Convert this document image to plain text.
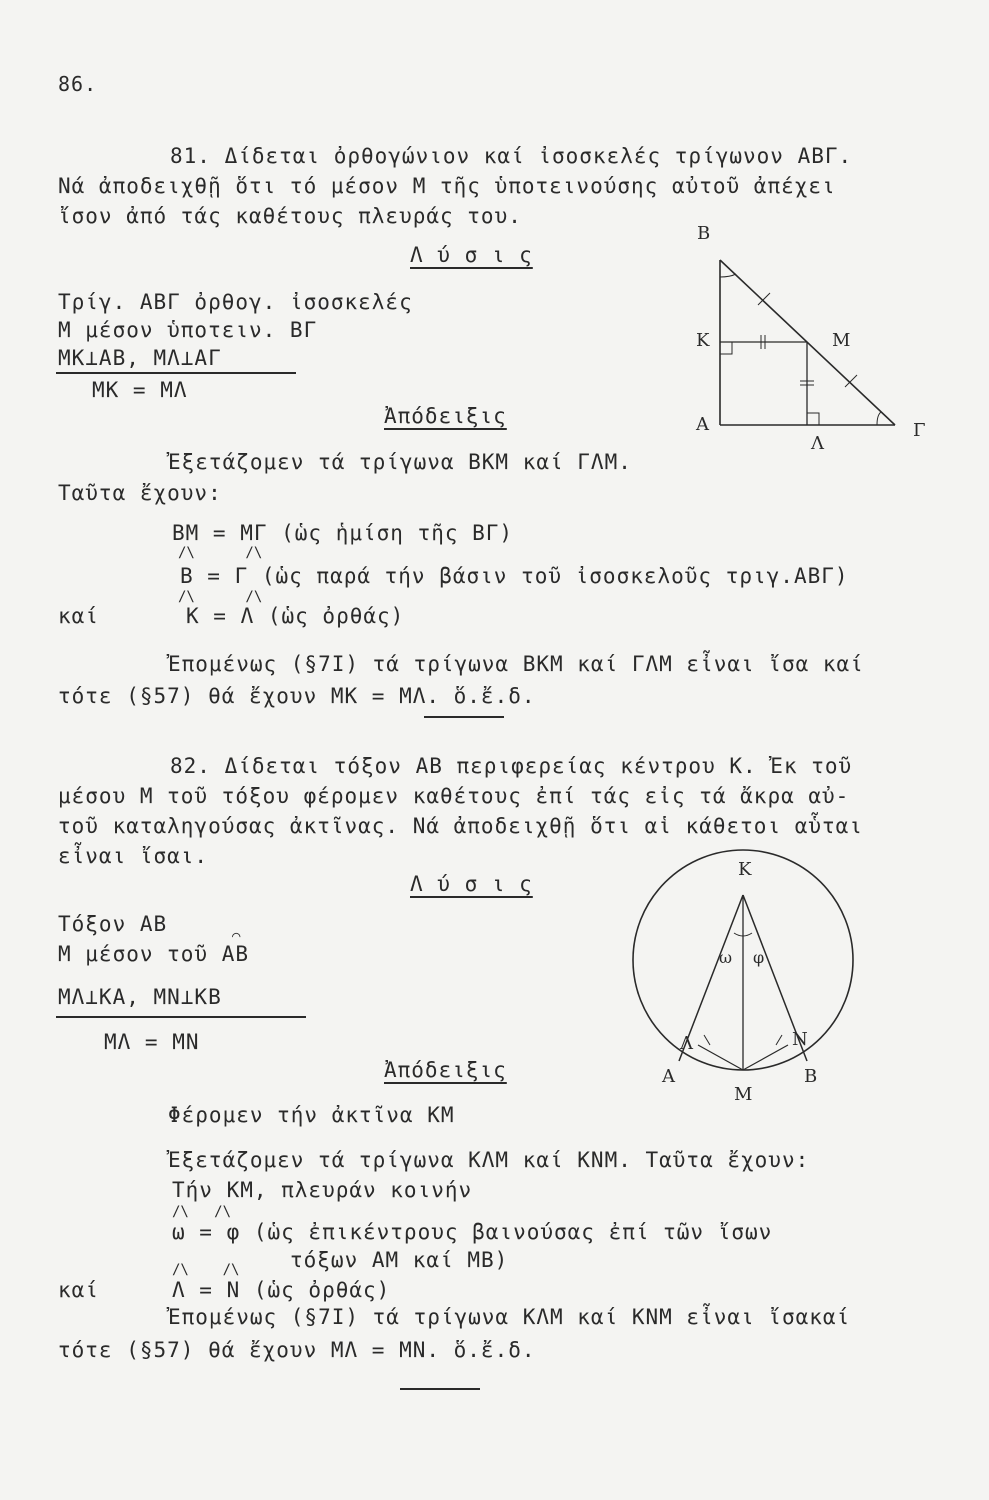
86.
81. Δίδεται ὀρθογώνιον καί ἰσοσκελές τρίγωνον ΑΒΓ.
Νά ἀποδειχθῇ ὅτι τό μέσον Μ τῆς ὑποτεινούσης αὐτοῦ ἀπέχει
ἴσον ἀπό τάς καθέτους πλευράς του.
Λ ύ σ ι ς
Τρίγ. ΑΒΓ ὀρθογ. ἰσοσκελές
Μ μέσον ὑποτειν. ΒΓ
ΜΚ⊥ΑΒ, ΜΛ⊥ΑΓ
ΜΚ = ΜΛ
Ἀπόδειξις
Ἐξετάζομεν τά τρίγωνα ΒΚΜ καί ΓΛΜ.
Ταῦτα ἔχουν:
ΒΜ = ΜΓ (ὡς ἡμίση τῆς ΒΓ)
/\      /\
Β = Γ (ὡς παρά τήν βάσιν τοῦ ἰσοσκελοῦς τριγ.ΑΒΓ)
/\      /\
καί	Κ = Λ (ὡς ὀρθάς)
Ἐπομένως (§7Ι) τά τρίγωνα ΒΚΜ καί ΓΛΜ εἶναι ἴσα καί
τότε (§57) θά ἔχουν ΜΚ = ΜΛ. ὅ.ἔ.δ.
Β
Κ	Μ
Α
Λ
Γ
82. Δίδεται τόξον ΑΒ περιφερείας κέντρου Κ. Ἐκ τοῦ
μέσου Μ τοῦ τόξου φέρομεν καθέτους ἐπί τάς εἰς τά ἄκρα αὐ-
τοῦ καταληγούσας ἀκτῖνας. Νά ἀποδειχθῇ ὅτι αἱ κάθετοι αὗται
εἶναι ἴσαι.
Λ ύ σ ι ς
Τόξον ΑΒ	⌒
Μ μέσον τοῦ ΑΒ
ΜΛ⊥ΚΑ, ΜΝ⊥ΚΒ
ΜΛ = ΜΝ
Ἀπόδειξις
Φέρομεν τήν ἀκτῖνα ΚΜ
Ἐξετάζομεν τά τρίγωνα ΚΛΜ καί ΚΝΜ. Ταῦτα ἔχουν:
Τήν ΚΜ, πλευράν κοινήν
/\   /\
ω = φ (ὡς ἐπικέντρους βαινούσας ἐπί τῶν ἴσων
τόξων ΑΜ καί ΜΒ)
/\    /\
καί	Λ = Ν (ὡς ὀρθάς)
Ἐπομένως (§7Ι) τά τρίγωνα ΚΛΜ καί ΚΝΜ εἶναι ἴσακαί
τότε (§57) θά ἔχουν ΜΛ = ΜΝ. ὅ.ἔ.δ.
Κ
ω φ
Λ	Ν
Α	Β
Μ
